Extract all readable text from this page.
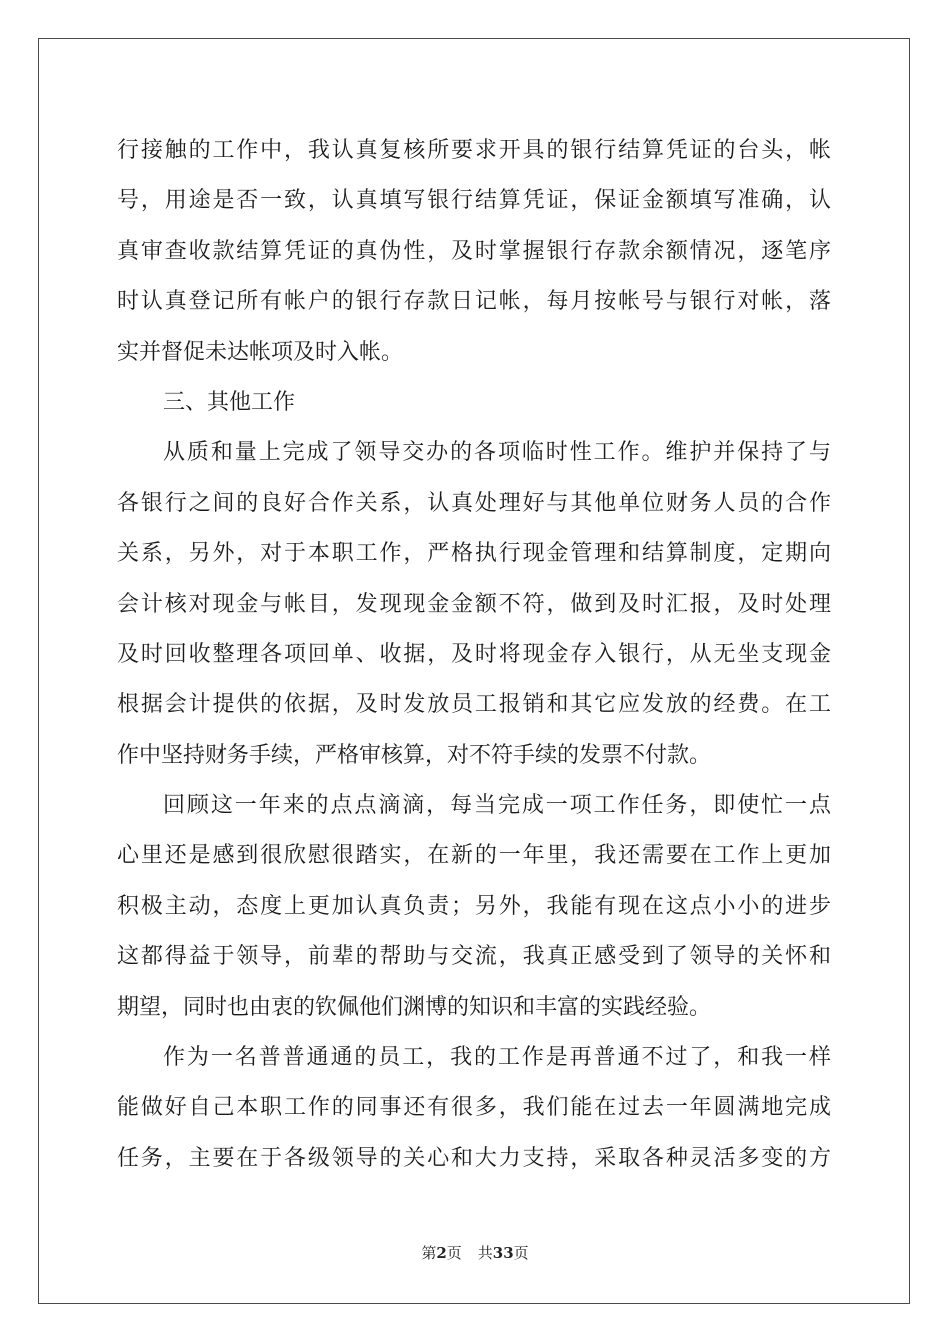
行接触的工作中，我认真复核所要求开具的银行结算凭证的台头，帐
号，用途是否一致，认真填写银行结算凭证，保证金额填写准确，认
真审查收款结算凭证的真伪性，及时掌握银行存款余额情况，逐笔序
时认真登记所有帐户的银行存款日记帐，每月按帐号与银行对帐，落
实并督促未达帐项及时入帐。
三、其他工作
从质和量上完成了领导交办的各项临时性工作。维护并保持了与
各银行之间的良好合作关系，认真处理好与其他单位财务人员的合作
关系，另外，对于本职工作，严格执行现金管理和结算制度，定期向
会计核对现金与帐目，发现现金金额不符，做到及时汇报，及时处理
及时回收整理各项回单、收据，及时将现金存入银行，从无坐支现金
根据会计提供的依据，及时发放员工报销和其它应发放的经费。在工
作中坚持财务手续，严格审核算，对不符手续的发票不付款。
回顾这一年来的点点滴滴，每当完成一项工作任务，即使忙一点
心里还是感到很欣慰很踏实，在新的一年里，我还需要在工作上更加
积极主动，态度上更加认真负责；另外，我能有现在这点小小的进步
这都得益于领导，前辈的帮助与交流，我真正感受到了领导的关怀和
期望，同时也由衷的钦佩他们渊博的知识和丰富的实践经验。
作为一名普普通通的员工，我的工作是再普通不过了，和我一样
能做好自己本职工作的同事还有很多，我们能在过去一年圆满地完成
任务，主要在于各级领导的关心和大力支持，采取各种灵活多变的方
第2页 共33页
